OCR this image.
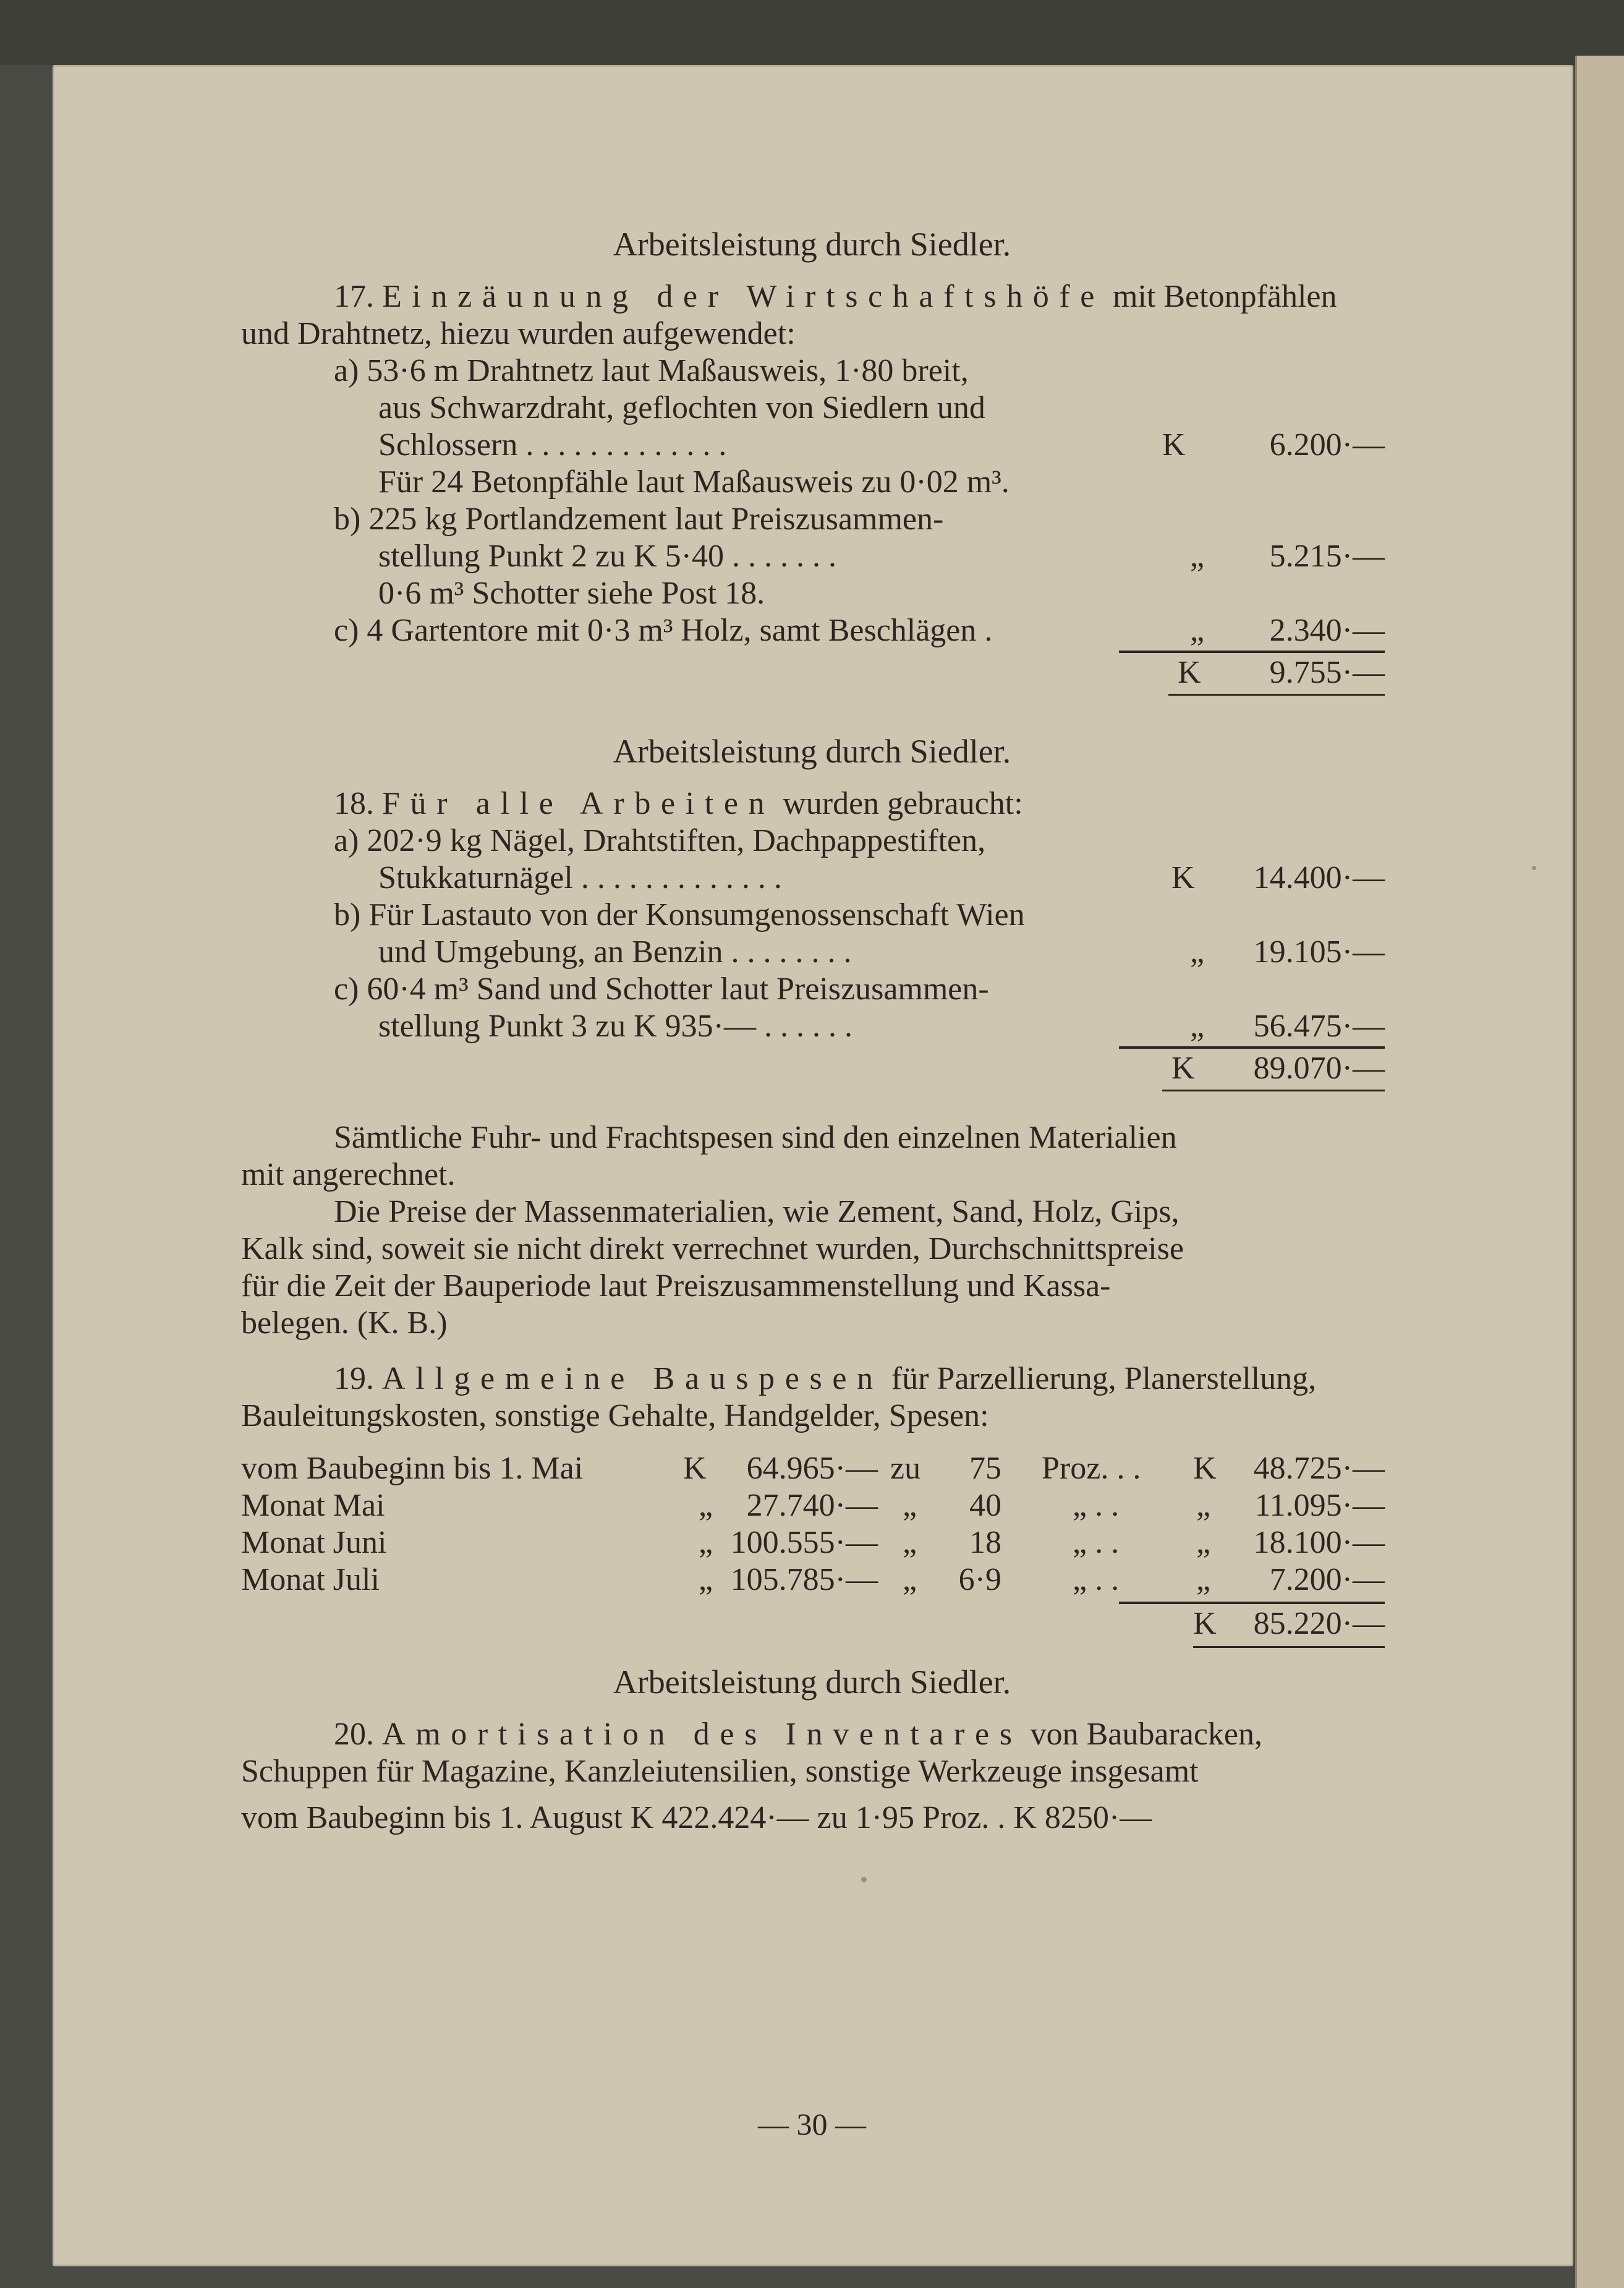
Arbeitsleistung durch Siedler.
17. Einzäunung der Wirtschaftshöfe mit Betonpfählen
und Drahtnetz, hiezu wurden aufgewendet:
a) 53·6 m Drahtnetz laut Maßausweis, 1·80 breit,
aus Schwarzdraht, geflochten von Siedlern und
Schlossern . . . . . . . . . . . . .	K	6.200·—
Für 24 Betonpfähle laut Maßausweis zu 0·02 m³.
b) 225 kg Portlandzement laut Preiszusammen-
stellung Punkt 2 zu K 5·40 . . . . . . .	„	5.215·—
0·6 m³ Schotter siehe Post 18.
c) 4 Gartentore mit 0·3 m³ Holz, samt Beschlägen .	„	2.340·—
K	9.755·—
Arbeitsleistung durch Siedler.
18. Für alle Arbeiten wurden gebraucht:
a) 202·9 kg Nägel, Drahtstiften, Dachpappestiften,
Stukkaturnägel . . . . . . . . . . . . .	K	14.400·—
b) Für Lastauto von der Konsumgenossenschaft Wien
und Umgebung, an Benzin . . . . . . . .	„	19.105·—
c) 60·4 m³ Sand und Schotter laut Preiszusammen-
stellung Punkt 3 zu K 935·— . . . . . .	„	56.475·—
K	89.070·—
Sämtliche Fuhr- und Frachtspesen sind den einzelnen Materialien
mit angerechnet.
Die Preise der Massenmaterialien, wie Zement, Sand, Holz, Gips,
Kalk sind, soweit sie nicht direkt verrechnet wurden, Durchschnittspreise
für die Zeit der Bauperiode laut Preiszusammenstellung und Kassa-
belegen. (K. B.)
19. Allgemeine Bauspesen für Parzellierung, Planerstellung,
Bauleitungskosten, sonstige Gehalte, Handgelder, Spesen:
vom Baubeginn bis 1. Mai	K	64.965·— zu	75 Proz. . . K	48.725·—
Monat Mai	„	27.740·— „	40 „ . . „	11.095·—
Monat Juni	„ 100.555·— „	18 „ . . „	18.100·—
Monat Juli	„ 105.785·— „	6·9 „ . . „	7.200·—
K	85.220·—
Arbeitsleistung durch Siedler.
20. Amortisation des Inventares von Baubaracken,
Schuppen für Magazine, Kanzleiutensilien, sonstige Werkzeuge insgesamt
vom Baubeginn bis 1. August K 422.424·— zu 1·95 Proz. . K 8250·—
— 30 —
